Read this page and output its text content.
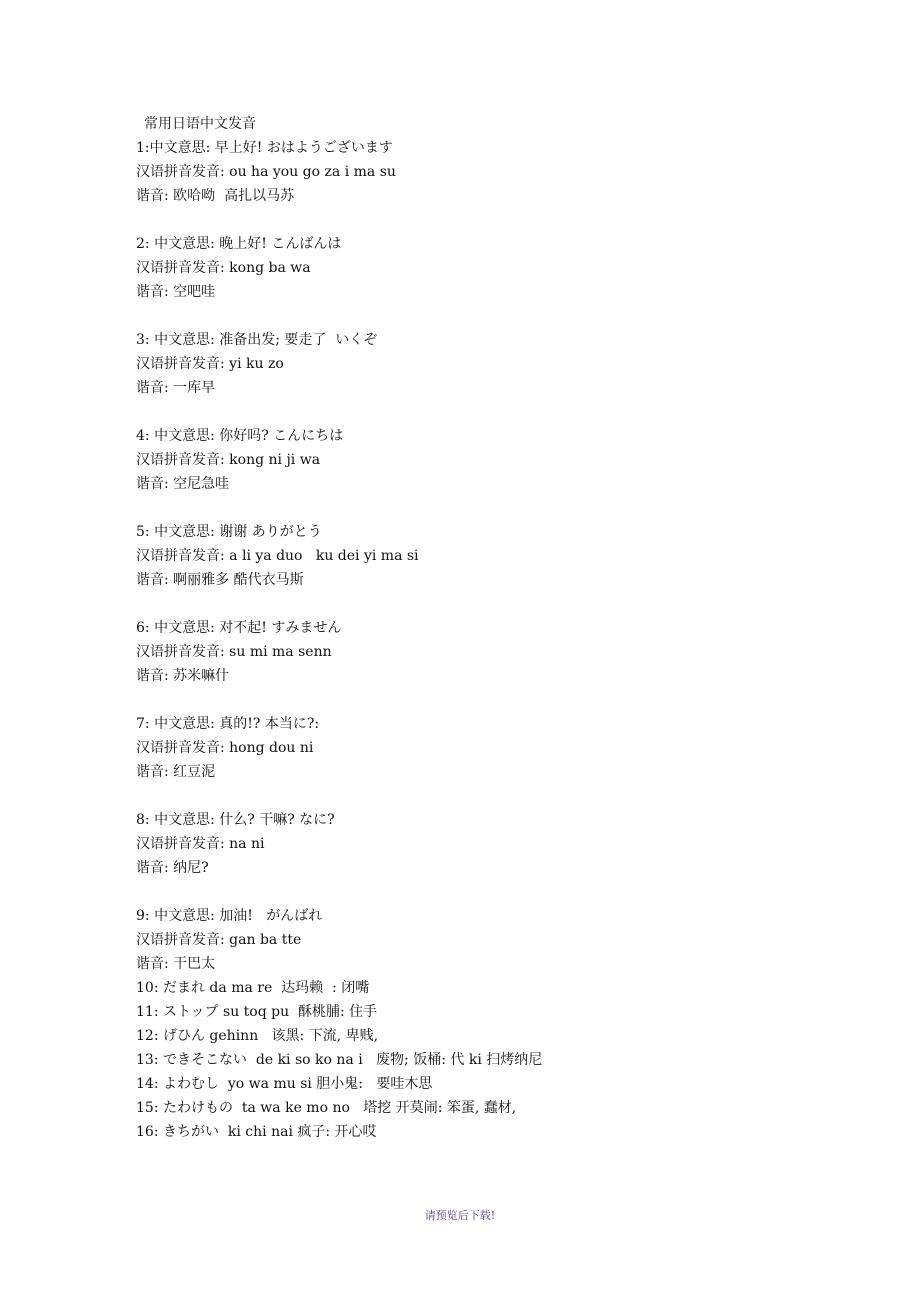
常用日语中文发音
1:中文意思: 早上好! おはようございます
汉语拼音发音: ou ha you go za i ma su
谐音: 欧哈呦  高扎以马苏
2: 中文意思: 晚上好! こんばんは
汉语拼音发音: kong ba wa
谐音: 空吧哇
3: 中文意思: 准备出发; 要走了  いくぞ
汉语拼音发音: yi ku zo
谐音: 一库早
4: 中文意思: 你好吗? こんにちは
汉语拼音发音: kong ni ji wa
谐音: 空尼急哇
5: 中文意思: 谢谢 ありがとう
汉语拼音发音: a li ya duo   ku dei yi ma si
谐音: 啊丽雅多 酷代衣马斯
6: 中文意思: 对不起! すみません
汉语拼音发音: su mi ma senn
谐音: 苏米嘛什
7: 中文意思: 真的!? 本当に?:
汉语拼音发音: hong dou ni
谐音: 红豆泥
8: 中文意思: 什么? 干嘛? なに?
汉语拼音发音: na ni
谐音: 纳尼?
9: 中文意思: 加油!   がんばれ
汉语拼音发音: gan ba tte
谐音: 干巴太
10: だまれ da ma re  达玛赖  : 闭嘴
11: ストップ su toq pu  酥桃脯: 住手
12: げひん gehinn   该黑: 下流, 卑贱,
13: できそこない  de ki so ko na i   废物; 饭桶: 代 ki 扫烤纳尼
14: よわむし  yo wa mu si 胆小鬼:   要哇木思
15: たわけもの  ta wa ke mo no   塔挖 开莫闹: 笨蛋, 蠢材,
16: きちがい  ki chi nai 疯子: 开心哎
请预览后下载!
